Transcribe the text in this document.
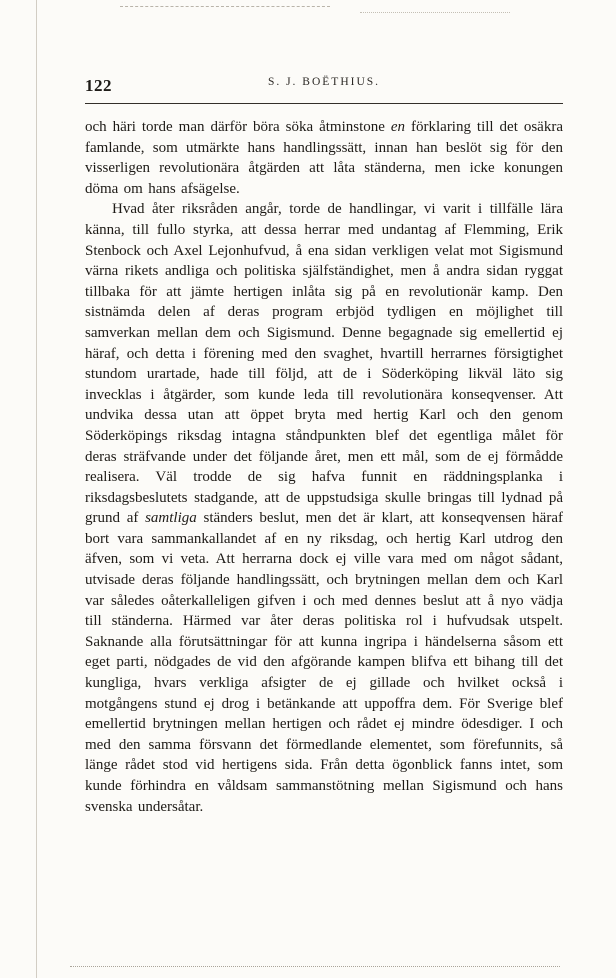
122	S. J. BOËTHIUS.

och häri torde man därför böra söka åtminstone en förklaring till det osäkra famlande, som utmärkte hans handlingssätt, innan han beslöt sig för den visserligen revolutionära åtgärden att låta ständerna, men icke konungen döma om hans afsägelse.

Hvad åter riksråden angår, torde de handlingar, vi varit i tillfälle lära känna, till fullo styrka, att dessa herrar med undantag af Flemming, Erik Stenbock och Axel Lejonhufvud, å ena sidan verkligen velat mot Sigismund värna rikets andliga och politiska själfständighet, men å andra sidan ryggat tillbaka för att jämte hertigen inlåta sig på en revolutionär kamp. Den sistnämda delen af deras program erbjöd tydligen en möjlighet till samverkan mellan dem och Sigismund. Denne begagnade sig emellertid ej häraf, och detta i förening med den svaghet, hvartill herrarnes försigtighet stundom urartade, hade till följd, att de i Söderköping likväl läto sig invecklas i åtgärder, som kunde leda till revolutionära konseqvenser. Att undvika dessa utan att öppet bryta med hertig Karl och den genom Söderköpings riksdag intagna ståndpunkten blef det egentliga målet för deras sträfvande under det följande året, men ett mål, som de ej förmådde realisera. Väl trodde de sig hafva funnit en räddningsplanka i riksdagsbeslutets stadgande, att de uppstudsiga skulle bringas till lydnad på grund af samtliga ständers beslut, men det är klart, att konseqvensen häraf bort vara sammankallandet af en ny riksdag, och hertig Karl utdrog den äfven, som vi veta. Att herrarna dock ej ville vara med om något sådant, utvisade deras följande handlingssätt, och brytningen mellan dem och Karl var således oåterkalleligen gifven i och med dennes beslut att å nyo vädja till ständerna. Härmed var åter deras politiska rol i hufvudsak utspelt. Saknande alla förutsättningar för att kunna ingripa i händelserna såsom ett eget parti, nödgades de vid den afgörande kampen blifva ett bihang till det kungliga, hvars verkliga afsigter de ej gillade och hvilket också i motgångens stund ej drog i betänkande att uppoffra dem. För Sverige blef emellertid brytningen mellan hertigen och rådet ej mindre ödesdiger. I och med den samma försvann det förmedlande elementet, som förefunnits, så länge rådet stod vid hertigens sida. Från detta ögonblick fanns intet, som kunde förhindra en våldsam sammanstötning mellan Sigismund och hans svenska undersåtar.
